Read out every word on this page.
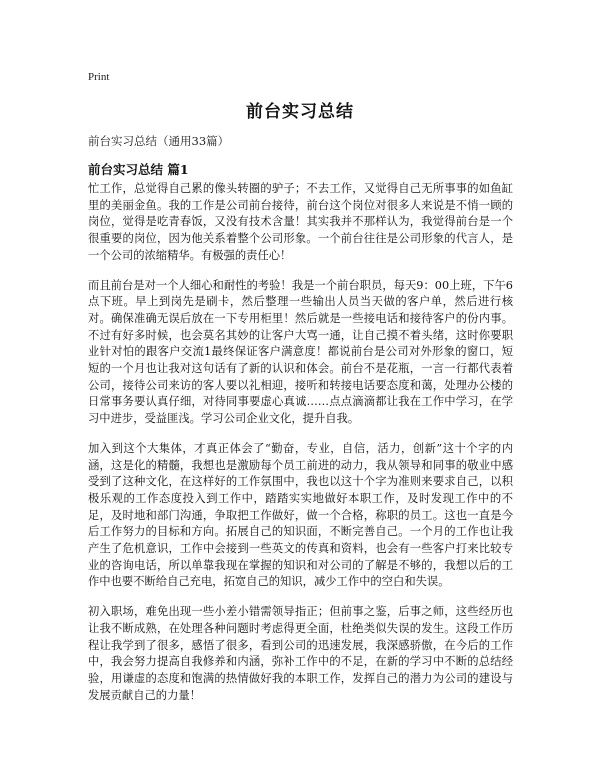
Print
前台实习总结

前台实习总结（通用33篇）

前台实习总结 篇1

忙工作，总觉得自己累的像头转圈的驴子；不去工作，又觉得自己无所事事的如鱼缸里的美丽金鱼。我的工作是公司前台接待，前台这个岗位对很多人来说是不悄一顾的岗位，觉得是吃青春饭，又没有技术含量！其实我并不那样认为，我觉得前台是一个很重要的岗位，因为他关系着整个公司形象。一个前台往往是公司形象的代言人，是一个公司的浓缩精华。有极强的责任心！

而且前台是对一个人细心和耐性的考验！我是一个前台职员，每天9：00上班，下午6点下班。早上到岗先是刷卡，然后整理一些输出人员当天做的客户单，然后进行核对。确保准确无误后放在一下专用柜里！然后就是一些接电话和接待客户的份内事。不过有好多时候，也会莫名其妙的让客户大骂一通，让自己摸不着头绪，这时你要职业针对怕的跟客户交流1最终保证客户满意度！都说前台是公司对外形象的窗口，短短的一个月也让我对这句话有了新的认识和体会。前台不是花瓶，一言一行都代表着公司，接待公司来访的客人要以礼相迎，接听和转接电话要态度和蔼，处理办公楼的日常事务要认真仔细，对待同事要虚心真诚……点点滴滴都让我在工作中学习，在学习中进步，受益匪浅。学习公司企业文化，提升自我。

加入到这个大集体，才真正体会了“勤奋，专业，自信，活力，创新”这十个字的内涵，这是化的精髓，我想也是激励每个员工前进的动力，我从领导和同事的敬业中感受到了这种文化，在这样好的工作氛围中，我也以这十个字为准则来要求自己，以积极乐观的工作态度投入到工作中，踏踏实实地做好本职工作，及时发现工作中的不足，及时地和部门沟通，争取把工作做好，做一个合格，称职的员工。这也一直是今后工作努力的目标和方向。拓展自己的知识面，不断完善自己。一个月的工作也让我产生了危机意识，工作中会接到一些英文的传真和资料，也会有一些客户打来比较专业的咨询电话，所以单靠我现在掌握的知识和对公司的了解是不够的，我想以后的工作中也要不断给自己充电，拓宽自己的知识，减少工作中的空白和失误。

初入职场，难免出现一些小差小错需领导指正；但前事之鉴，后事之师，这些经历也让我不断成熟，在处理各种问题时考虑得更全面，杜绝类似失误的发生。这段工作历程让我学到了很多，感悟了很多，看到公司的迅速发展，我深感骄傲，在今后的工作中，我会努力提高自我修养和内涵，弥补工作中的不足，在新的学习中不断的总结经验，用谦虚的态度和饱满的热情做好我的本职工作，发挥自己的潜力为公司的建设与发展贡献自己的力量！
